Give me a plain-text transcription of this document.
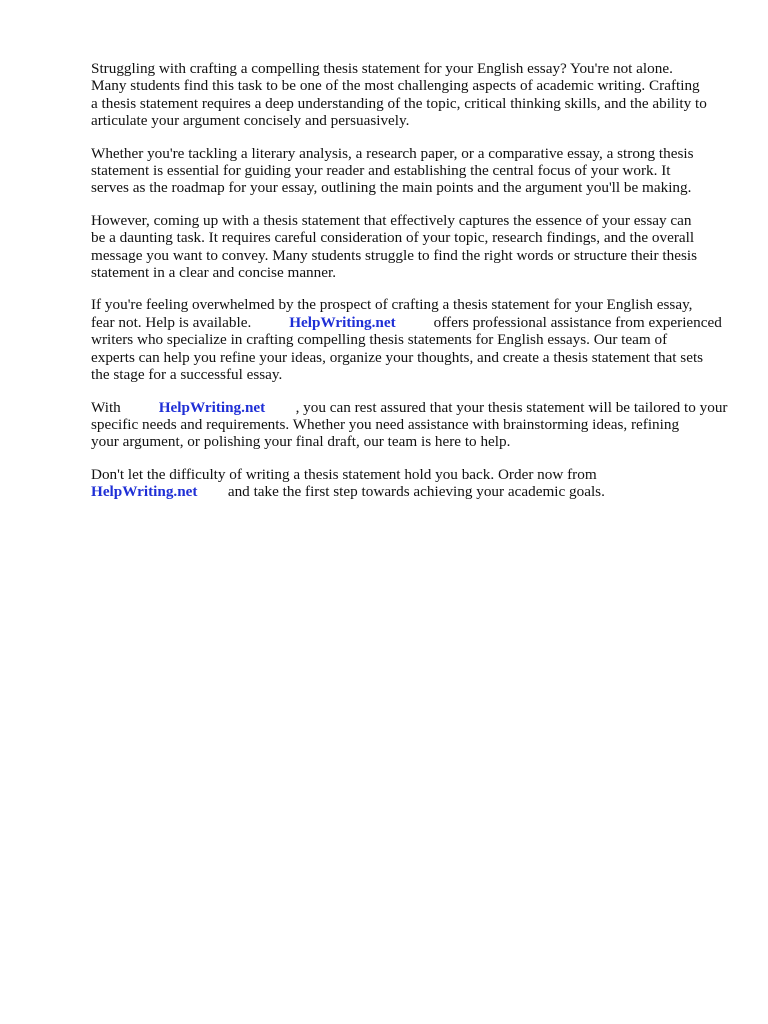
Struggling with crafting a compelling thesis statement for your English essay? You're not alone.
Many students find this task to be one of the most challenging aspects of academic writing. Crafting
a thesis statement requires a deep understanding of the topic, critical thinking skills, and the ability to
articulate your argument concisely and persuasively.

Whether you're tackling a literary analysis, a research paper, or a comparative essay, a strong thesis
statement is essential for guiding your reader and establishing the central focus of your work. It
serves as the roadmap for your essay, outlining the main points and the argument you'll be making.

However, coming up with a thesis statement that effectively captures the essence of your essay can
be a daunting task. It requires careful consideration of your topic, research findings, and the overall
message you want to convey. Many students struggle to find the right words or structure their thesis
statement in a clear and concise manner.

If you're feeling overwhelmed by the prospect of crafting a thesis statement for your English essay,
fear not. Help is available.    HelpWriting.net    offers professional assistance from experienced
writers who specialize in crafting compelling thesis statements for English essays. Our team of
experts can help you refine your ideas, organize your thoughts, and create a thesis statement that sets
the stage for a successful essay.

With    HelpWriting.net   , you can rest assured that your thesis statement will be tailored to your
specific needs and requirements. Whether you need assistance with brainstorming ideas, refining
your argument, or polishing your final draft, our team is here to help.

Don't let the difficulty of writing a thesis statement hold you back. Order now from
HelpWriting.net   and take the first step towards achieving your academic goals.
